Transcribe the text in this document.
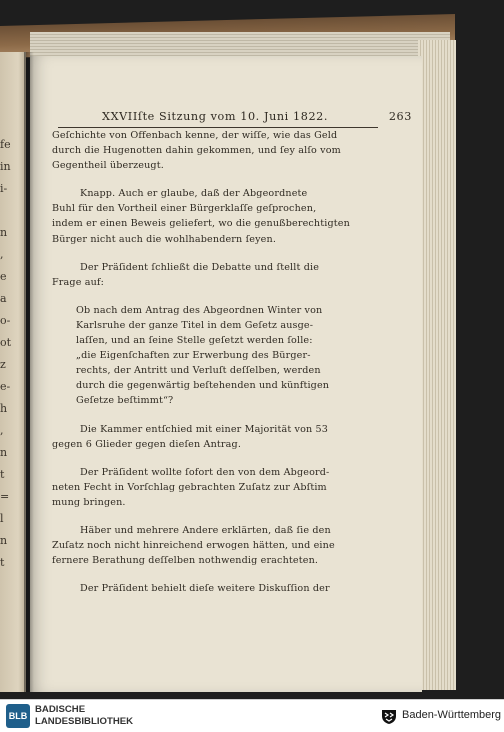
fe
in
i-
n
,
e
a
o-
ot
z
e-
h
,
n
t
=
l
n
t
XXVIIſte Sitzung vom 10. Juni 1822.	263

Geſchichte von Offenbach kenne, der wiſſe, wie das Geld
durch die Hugenotten dahin gekommen, und ſey alſo vom
Gegentheil überzeugt.

Knapp. Auch er glaube, daß der Abgeordnete
Buhl für den Vortheil einer Bürgerklaſſe geſprochen,
indem er einen Beweis geliefert, wo die genußberechtigten
Bürger nicht auch die wohlhabendern ſeyen.

Der Präſident ſchließt die Debatte und ſtellt die
Frage auf:

Ob nach dem Antrag des Abgeordnen Winter von
Karlsruhe der ganze Titel in dem Geſetz ausge-
laſſen, und an ſeine Stelle geſetzt werden ſolle:
„die Eigenſchaften zur Erwerbung des Bürger-
rechts, der Antritt und Verluſt deſſelben, werden
durch die gegenwärtig beſtehenden und künftigen
Geſetze beſtimmt“?

Die Kammer entſchied mit einer Majorität von 53
gegen 6 Glieder gegen dieſen Antrag.

Der Präſident wollte ſofort den von dem Abgeord-
neten Fecht in Vorſchlag gebrachten Zuſatz zur Abſtim
mung bringen.

Häber und mehrere Andere erklärten, daß ſie den
Zuſatz noch nicht hinreichend erwogen hätten, und eine
fernere Berathung deſſelben nothwendig erachteten.

Der Präſident behielt dieſe weitere Diskuſſion der

BLB
BADISCHE
LANDESBIBLIOTHEK
Baden-Württemberg
